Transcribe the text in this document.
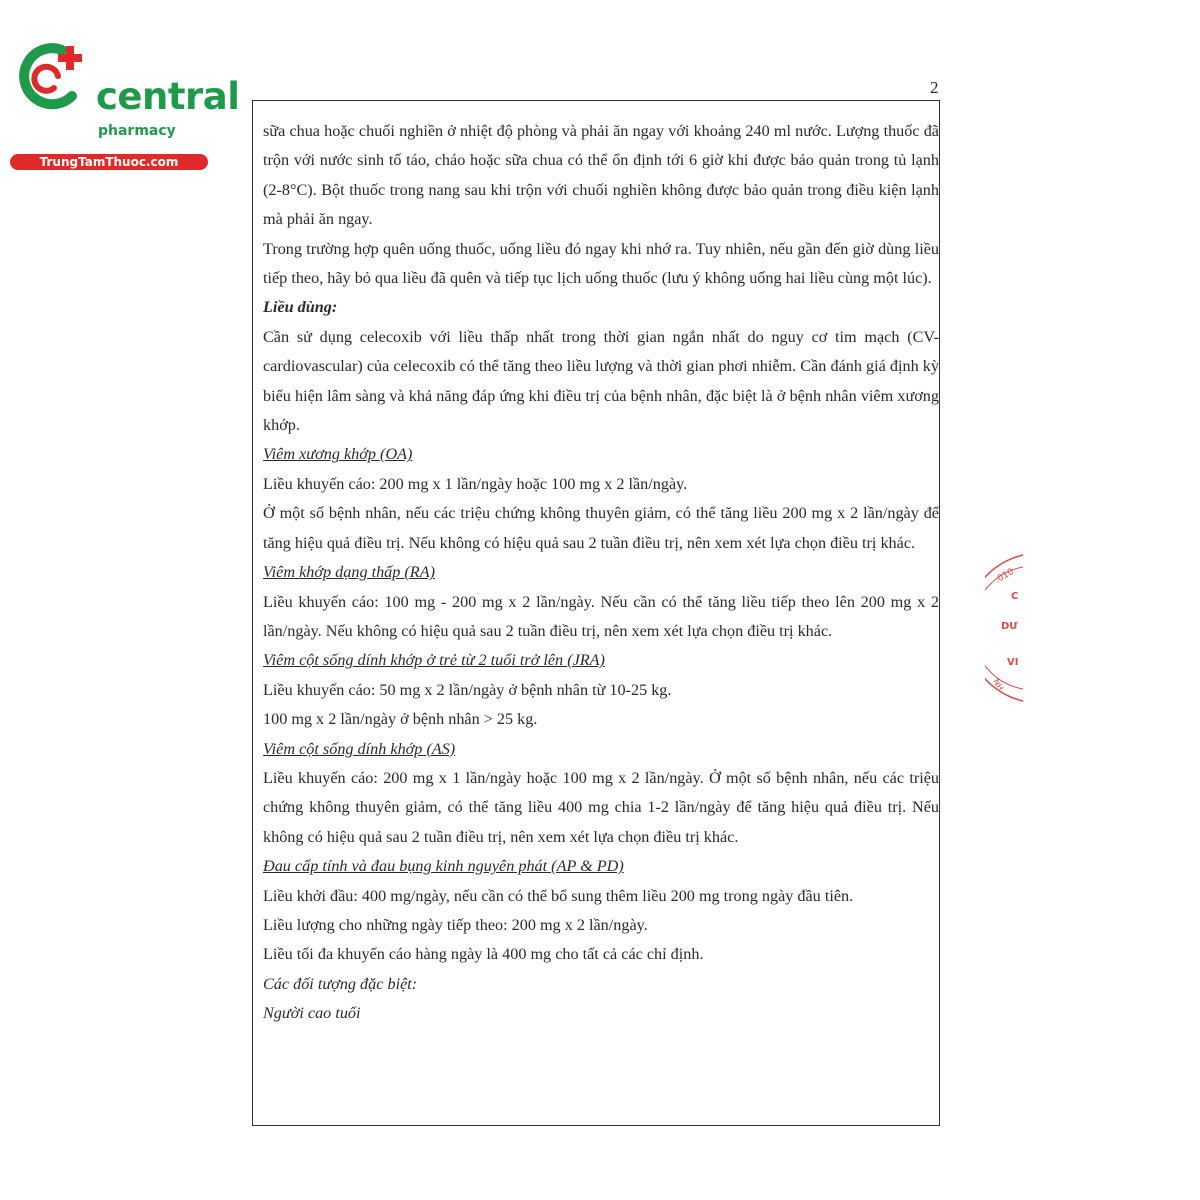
central
pharmacy
TrungTamThuoc.com
2

sữa chua hoặc chuối nghiền ở nhiệt độ phòng và phải ăn ngay với khoảng 240 ml nước. Lượng thuốc đã trộn với nước sinh tố táo, cháo hoặc sữa chua có thể ổn định tới 6 giờ khi được bảo quản trong tủ lạnh (2-8°C). Bột thuốc trong nang sau khi trộn với chuối nghiền không được bảo quản trong điều kiện lạnh mà phải ăn ngay.

Trong trường hợp quên uống thuốc, uống liều đó ngay khi nhớ ra. Tuy nhiên, nếu gần đến giờ dùng liều tiếp theo, hãy bỏ qua liều đã quên và tiếp tục lịch uống thuốc (lưu ý không uống hai liều cùng một lúc).

Liều dùng:

Cần sử dụng celecoxib với liều thấp nhất trong thời gian ngắn nhất do nguy cơ tim mạch (CV-cardiovascular) của celecoxib có thể tăng theo liều lượng và thời gian phơi nhiễm. Cần đánh giá định kỳ biểu hiện lâm sàng và khả năng đáp ứng khi điều trị của bệnh nhân, đặc biệt là ở bệnh nhân viêm xương khớp.

Viêm xương khớp (OA)

Liều khuyến cáo: 200 mg x 1 lần/ngày hoặc 100 mg x 2 lần/ngày.

Ở một số bệnh nhân, nếu các triệu chứng không thuyên giảm, có thể tăng liều 200 mg x 2 lần/ngày để tăng hiệu quả điều trị. Nếu không có hiệu quả sau 2 tuần điều trị, nên xem xét lựa chọn điều trị khác.

Viêm khớp dạng thấp (RA)

Liều khuyến cáo: 100 mg - 200 mg x 2 lần/ngày. Nếu cần có thể tăng liều tiếp theo lên 200 mg x 2 lần/ngày. Nếu không có hiệu quả sau 2 tuần điều trị, nên xem xét lựa chọn điều trị khác.

Viêm cột sống dính khớp ở trẻ từ 2 tuổi trở lên (JRA)

Liều khuyến cáo: 50 mg x 2 lần/ngày ở bệnh nhân từ 10-25 kg.

100 mg x 2 lần/ngày ở bệnh nhân > 25 kg.

Viêm cột sống dính khớp (AS)

Liều khuyến cáo: 200 mg x 1 lần/ngày hoặc 100 mg x 2 lần/ngày. Ở một số bệnh nhân, nếu các triệu chứng không thuyên giảm, có thể tăng liều 400 mg chia 1-2 lần/ngày để tăng hiệu quả điều trị. Nếu không có hiệu quả sau 2 tuần điều trị, nên xem xét lựa chọn điều trị khác.

Đau cấp tính và đau bụng kinh nguyên phát (AP & PD)

Liều khởi đầu: 400 mg/ngày, nếu cần có thể bổ sung thêm liều 200 mg trong ngày đầu tiên.

Liều lượng cho những ngày tiếp theo: 200 mg x 2 lần/ngày.

Liều tối đa khuyến cáo hàng ngày là 400 mg cho tất cả các chỉ định.

Các đối tượng đặc biệt:

Người cao tuổi

.010
C
DƯ
VI
NH
